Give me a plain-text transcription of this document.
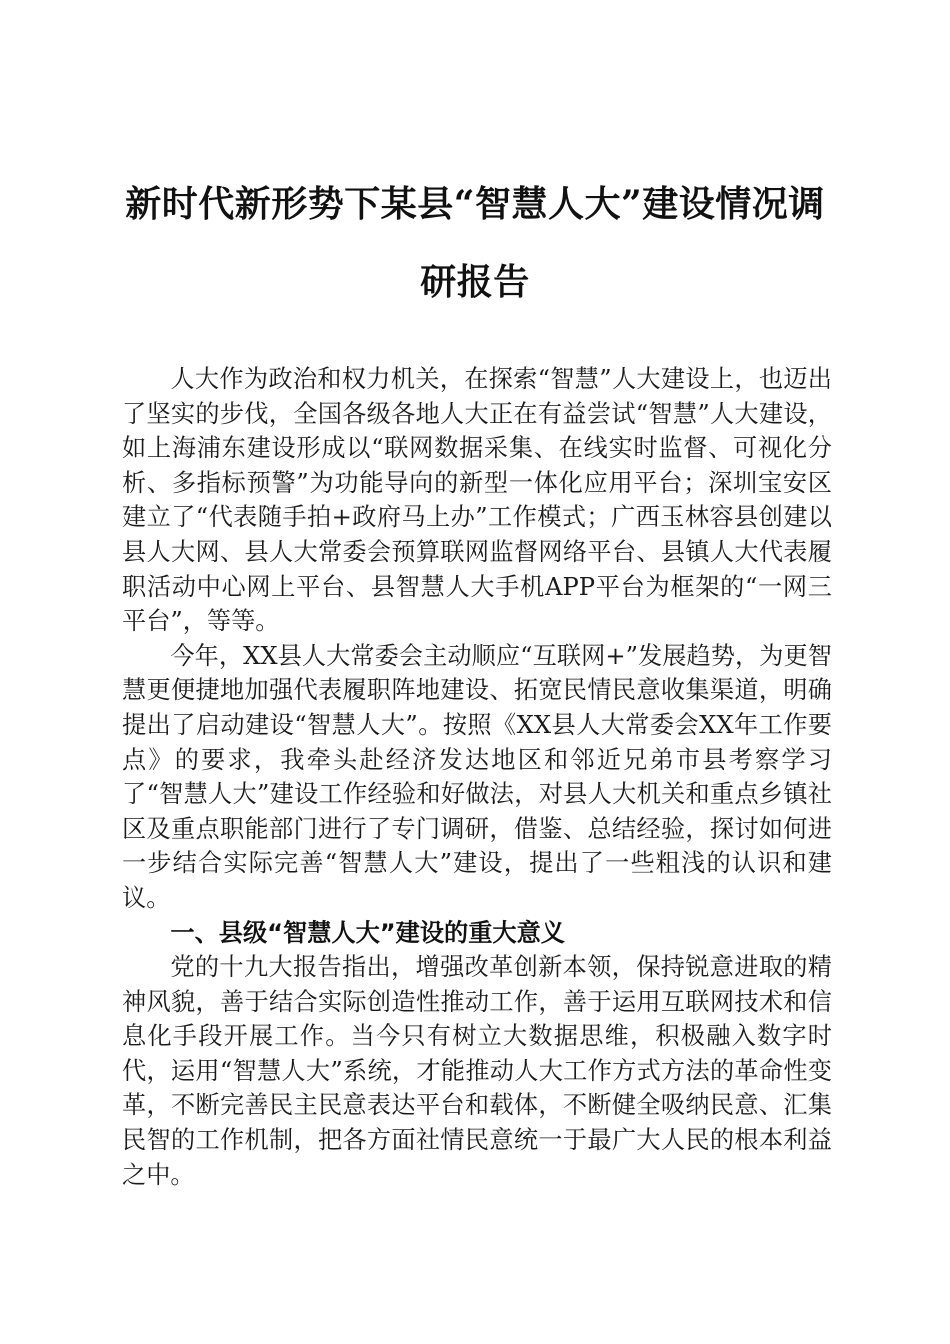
新时代新形势下某县“智慧人大”建设情况调研报告

人大作为政治和权力机关，在探索“智慧”人大建设上，也迈出了坚实的步伐，全国各级各地人大正在有益尝试“智慧”人大建设，如上海浦东建设形成以“联网数据采集、在线实时监督、可视化分析、多指标预警”为功能导向的新型一体化应用平台；深圳宝安区建立了“代表随手拍+政府马上办”工作模式；广西玉林容县创建以县人大网、县人大常委会预算联网监督网络平台、县镇人大代表履职活动中心网上平台、县智慧人大手机APP平台为框架的“一网三平台”，等等。

今年，XX县人大常委会主动顺应“互联网+”发展趋势，为更智慧更便捷地加强代表履职阵地建设、拓宽民情民意收集渠道，明确提出了启动建设“智慧人大”。按照《XX县人大常委会XX年工作要点》的要求，我牵头赴经济发达地区和邻近兄弟市县考察学习了“智慧人大”建设工作经验和好做法，对县人大机关和重点乡镇社区及重点职能部门进行了专门调研，借鉴、总结经验，探讨如何进一步结合实际完善“智慧人大”建设，提出了一些粗浅的认识和建议。

一、县级“智慧人大”建设的重大意义

党的十九大报告指出，增强改革创新本领，保持锐意进取的精神风貌，善于结合实际创造性推动工作，善于运用互联网技术和信息化手段开展工作。当今只有树立大数据思维，积极融入数字时代，运用“智慧人大”系统，才能推动人大工作方式方法的革命性变革，不断完善民主民意表达平台和载体，不断健全吸纳民意、汇集民智的工作机制，把各方面社情民意统一于最广大人民的根本利益之中。
